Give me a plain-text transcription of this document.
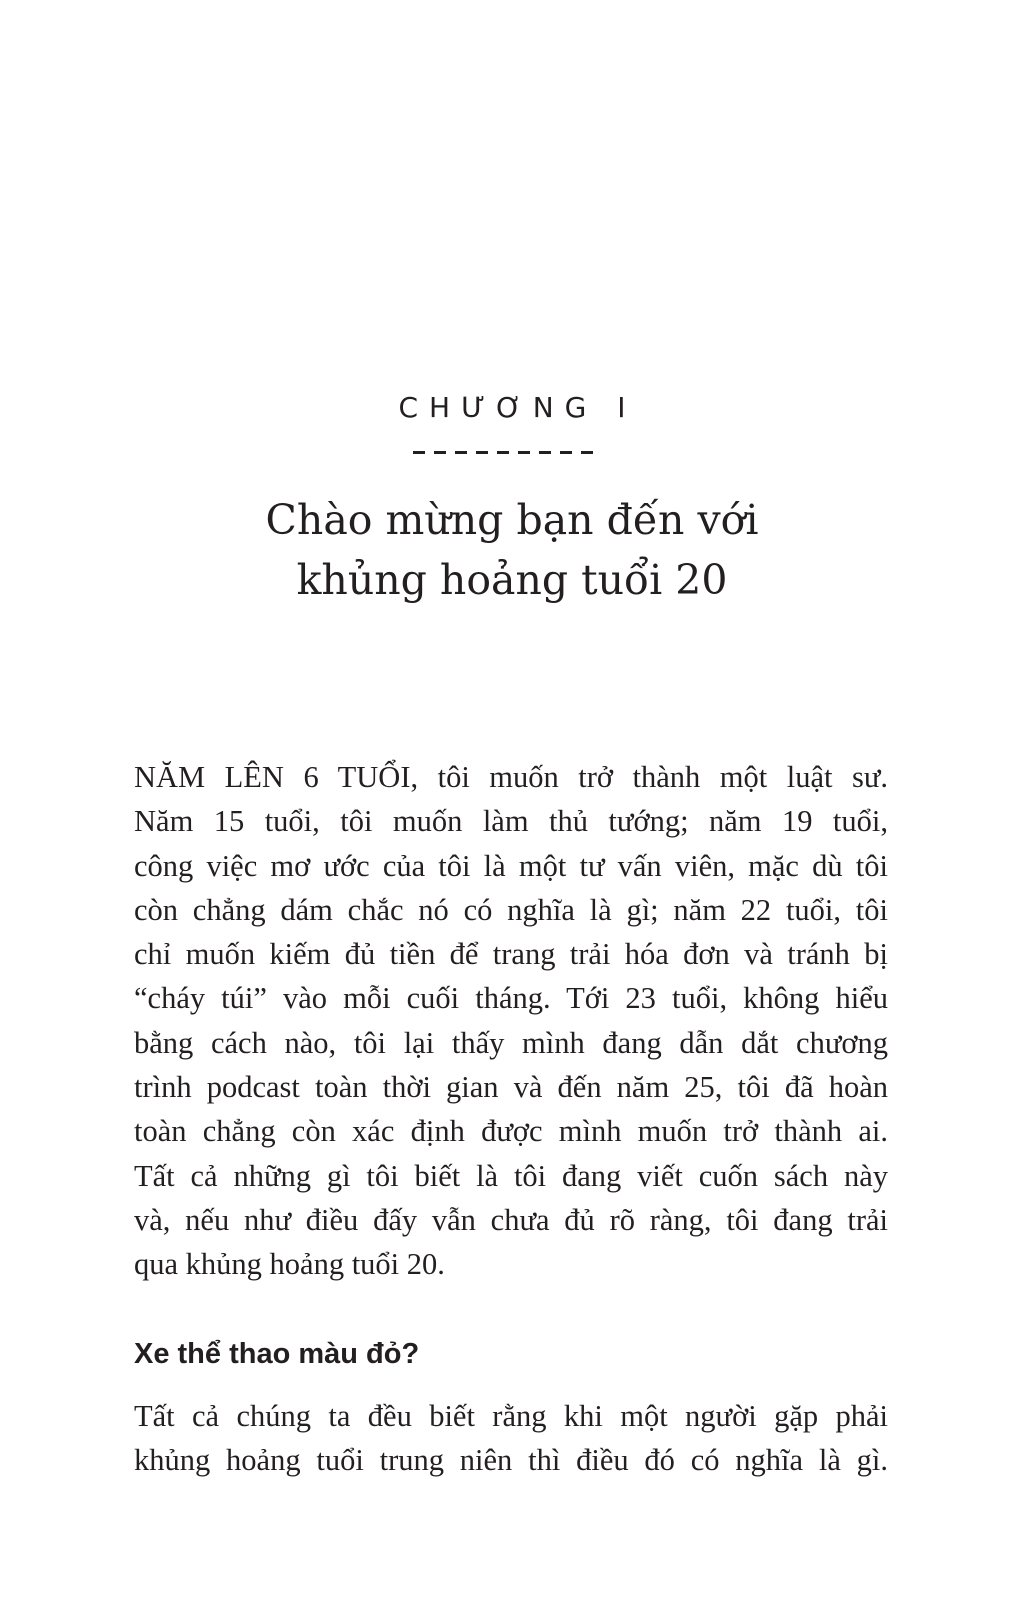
CHƯƠNG I
Chào mừng bạn đến với
khủng hoảng tuổi 20

NĂM LÊN 6 TUỔI, tôi muốn trở thành một luật sư.
Năm 15 tuổi, tôi muốn làm thủ tướng; năm 19 tuổi,
công việc mơ ước của tôi là một tư vấn viên, mặc dù tôi
còn chẳng dám chắc nó có nghĩa là gì; năm 22 tuổi, tôi
chỉ muốn kiếm đủ tiền để trang trải hóa đơn và tránh bị
“cháy túi” vào mỗi cuối tháng. Tới 23 tuổi, không hiểu
bằng cách nào, tôi lại thấy mình đang dẫn dắt chương
trình podcast toàn thời gian và đến năm 25, tôi đã hoàn
toàn chẳng còn xác định được mình muốn trở thành ai.
Tất cả những gì tôi biết là tôi đang viết cuốn sách này
và, nếu như điều đấy vẫn chưa đủ rõ ràng, tôi đang trải
qua khủng hoảng tuổi 20.

Xe thể thao màu đỏ?

Tất cả chúng ta đều biết rằng khi một người gặp phải
khủng hoảng tuổi trung niên thì điều đó có nghĩa là gì.
